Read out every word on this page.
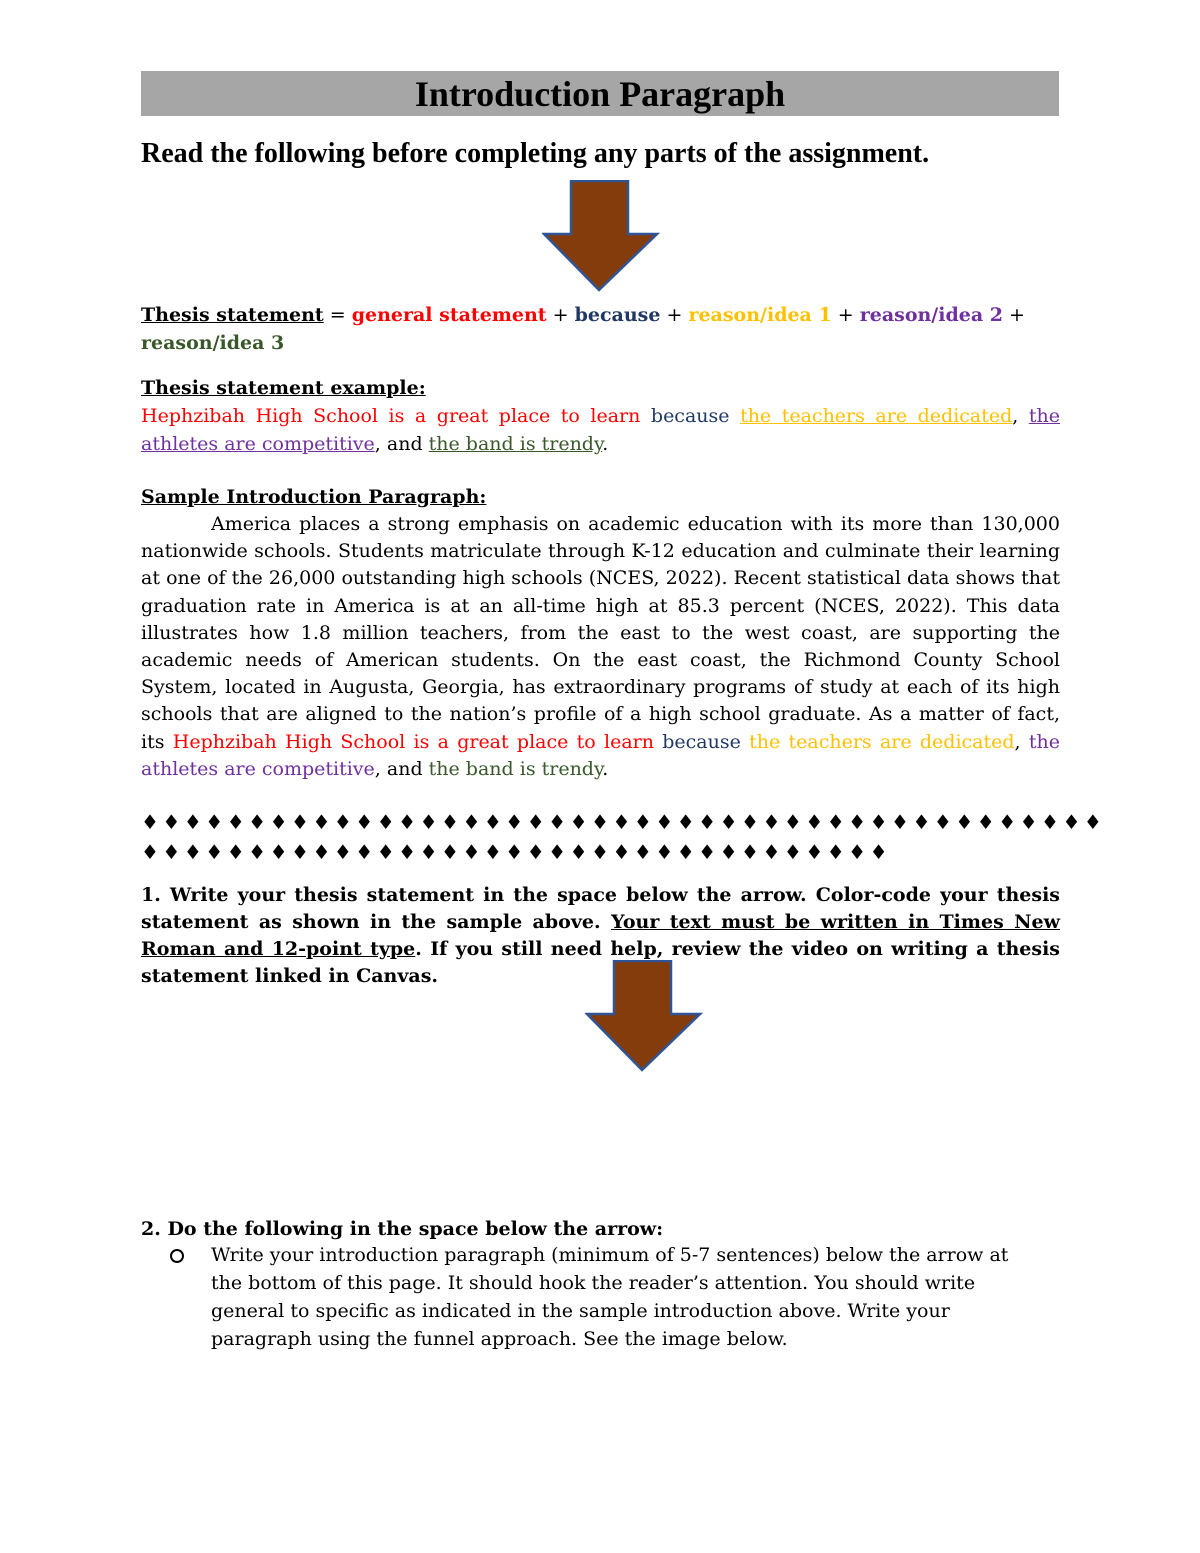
Introduction Paragraph
Read the following before completing any parts of the assignment.
Thesis statement = general statement + because + reason/idea 1 + reason/idea 2 +
reason/idea 3
Thesis statement example:
Hephzibah High School is a great place to learn because the teachers are dedicated, the athletes are competitive, and the band is trendy.
Sample Introduction Paragraph:
America places a strong emphasis on academic education with its more than 130,000 nationwide schools. Students matriculate through K-12 education and culminate their learning at one of the 26,000 outstanding high schools (NCES, 2022). Recent statistical data shows that graduation rate in America is at an all-time high at 85.3 percent (NCES, 2022). This data illustrates how 1.8 million teachers, from the east to the west coast, are supporting the academic needs of American students. On the east coast, the Richmond County School System, located in Augusta, Georgia, has extraordinary programs of study at each of its high schools that are aligned to the nation’s profile of a high school graduate. As a matter of fact, its Hephzibah High School is a great place to learn because the teachers are dedicated, the athletes are competitive, and the band is trendy.
♦♦♦♦♦♦♦♦♦♦♦♦♦♦♦♦♦♦♦♦♦♦♦♦♦♦♦♦♦♦♦♦♦♦♦♦♦♦♦♦♦♦♦♦♦
♦♦♦♦♦♦♦♦♦♦♦♦♦♦♦♦♦♦♦♦♦♦♦♦♦♦♦♦♦♦♦♦♦♦♦
1. Write your thesis statement in the space below the arrow. Color-code your thesis statement as shown in the sample above. Your text must be written in Times New Roman and 12-point type. If you still need help, review the video on writing a thesis statement linked in Canvas.
2. Do the following in the space below the arrow:
Write your introduction paragraph (minimum of 5-7 sentences) below the arrow at the bottom of this page. It should hook the reader’s attention. You should write general to specific as indicated in the sample introduction above. Write your paragraph using the funnel approach. See the image below.
